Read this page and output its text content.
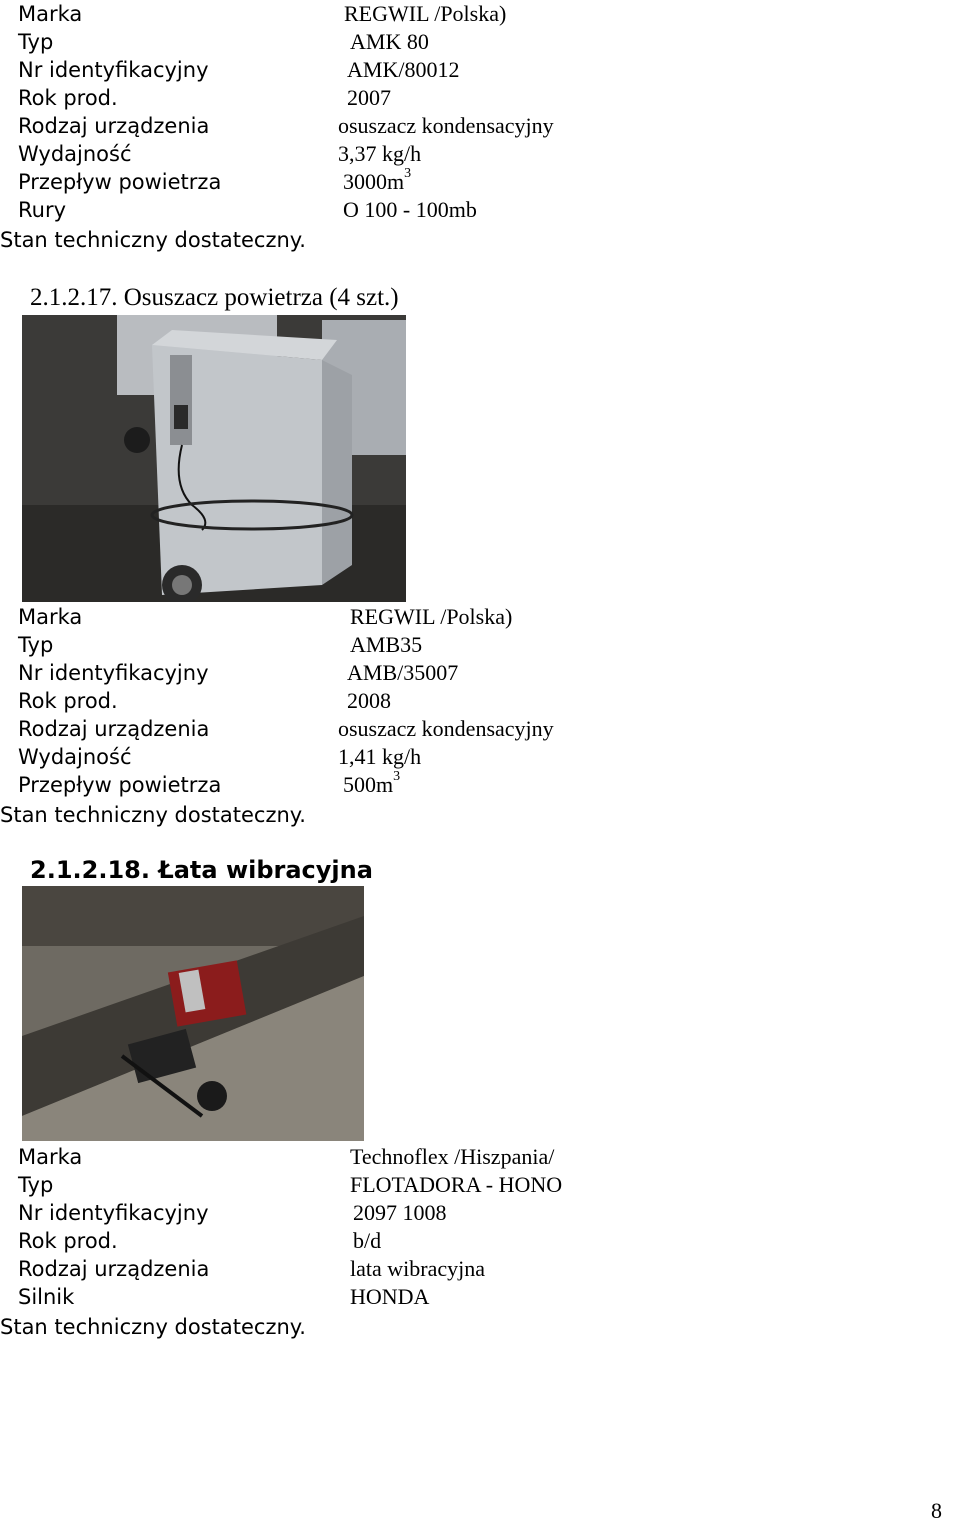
Marka	REGWIL /Polska)
Typ	AMK 80
Nr identyfikacyjny	AMK/80012
Rok prod.	2007
Rodzaj urządzenia	osuszacz kondensacyjny
Wydajność	3,37 kg/h
Przepływ powietrza	$3000m^3$
Rury	O 100 - 100mb
Stan techniczny dostateczny.
2.1.2.17. Osuszacz powietrza (4 szt.)
Marka	REGWIL /Polska)
Typ	AMB35
Nr identyfikacyjny	AMB/35007
Rok prod.	2008
Rodzaj urządzenia	osuszacz kondensacyjny
Wydajność	1,41 kg/h
Przepływ powietrza	$500m^3$
Stan techniczny dostateczny.
2.1.2.18. Łata wibracyjna
Marka	Technoflex /Hiszpania/
Typ	FLOTADORA - HONO
Nr identyfikacyjny	2097 1008
Rok prod.	b/d
Rodzaj urządzenia	lata wibracyjna
Silnik	HONDA
Stan techniczny dostateczny.
8
